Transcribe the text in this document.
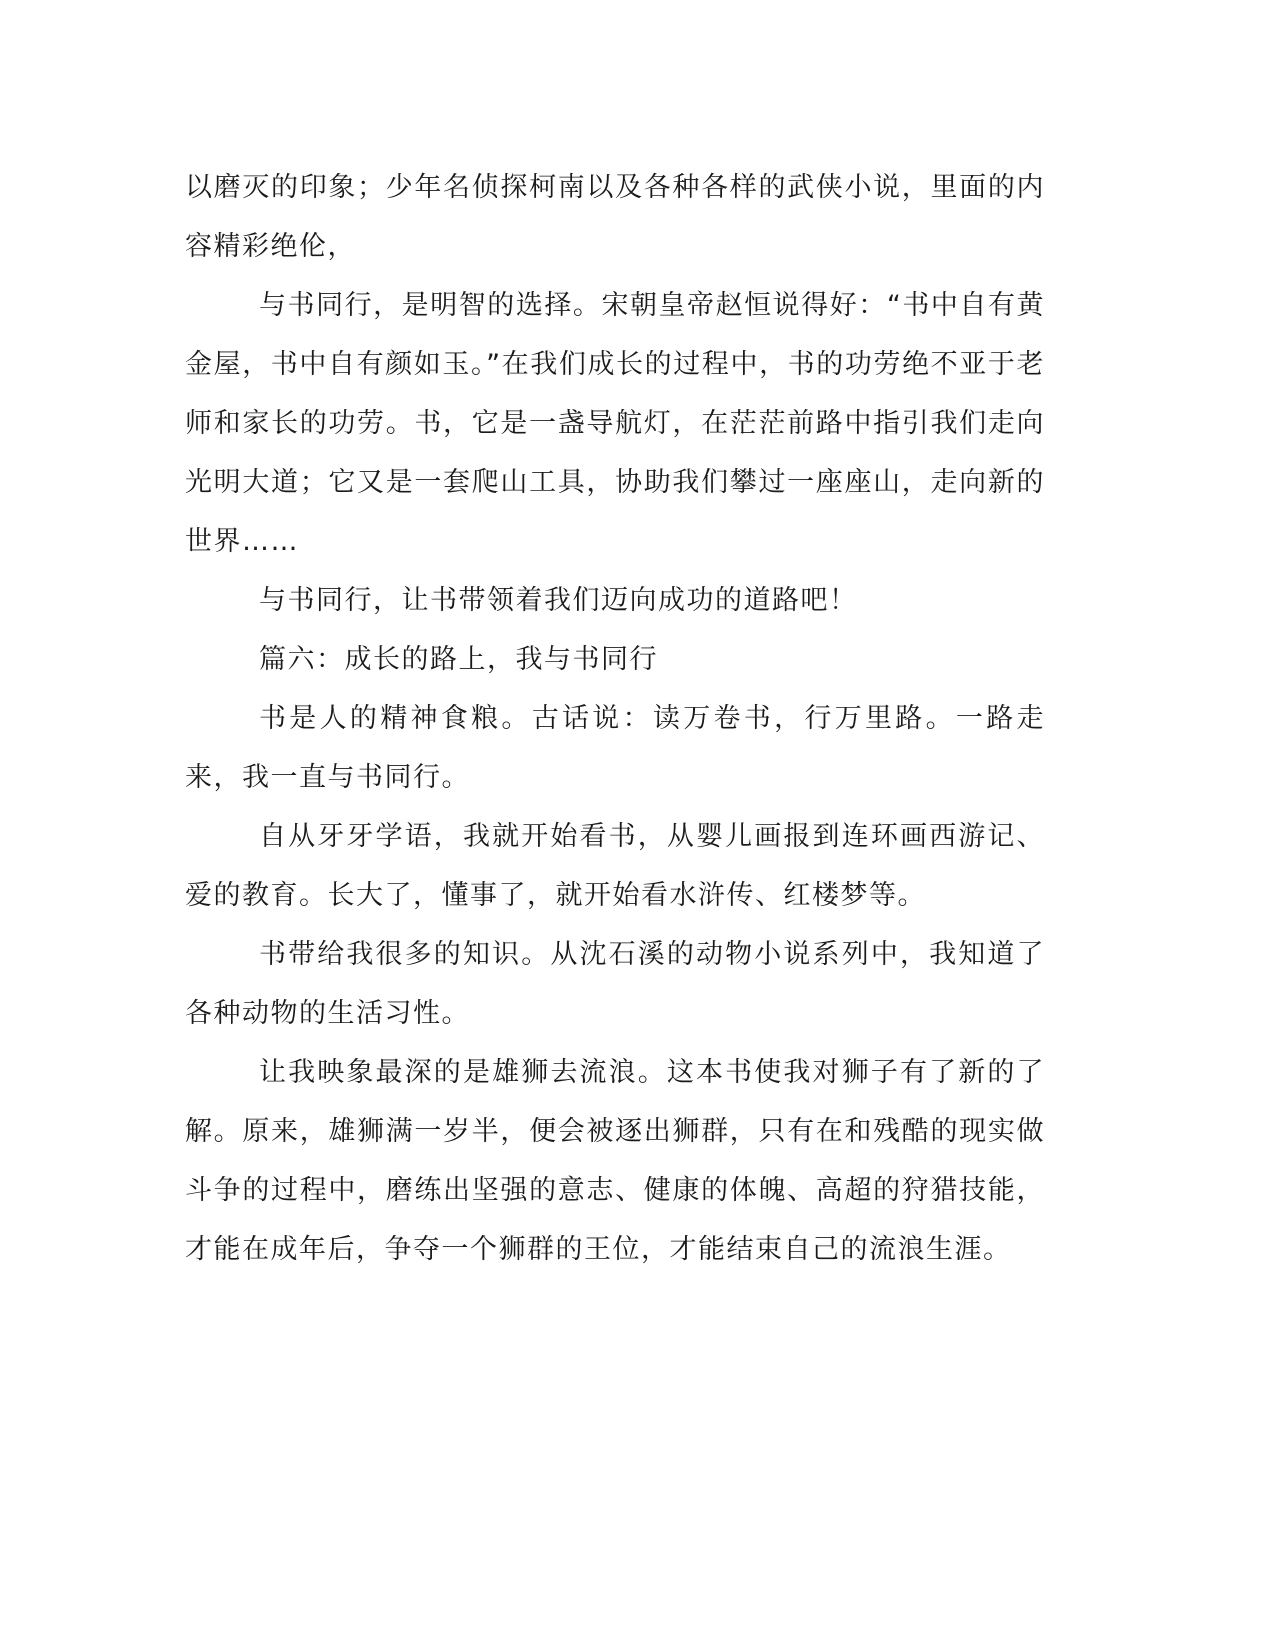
以磨灭的印象；少年名侦探柯南以及各种各样的武侠小说，里面的内容精彩绝伦，

与书同行，是明智的选择。宋朝皇帝赵恒说得好：“书中自有黄金屋，书中自有颜如玉。”在我们成长的过程中，书的功劳绝不亚于老师和家长的功劳。书，它是一盏导航灯，在茫茫前路中指引我们走向光明大道；它又是一套爬山工具，协助我们攀过一座座山，走向新的世界……

与书同行，让书带领着我们迈向成功的道路吧！

篇六：成长的路上，我与书同行

书是人的精神食粮。古话说：读万卷书，行万里路。一路走来，我一直与书同行。

自从牙牙学语，我就开始看书，从婴儿画报到连环画西游记、爱的教育。长大了，懂事了，就开始看水浒传、红楼梦等。

书带给我很多的知识。从沈石溪的动物小说系列中，我知道了各种动物的生活习性。

让我映象最深的是雄狮去流浪。这本书使我对狮子有了新的了解。原来，雄狮满一岁半，便会被逐出狮群，只有在和残酷的现实做斗争的过程中，磨练出坚强的意志、健康的体魄、高超的狩猎技能，才能在成年后，争夺一个狮群的王位，才能结束自己的流浪生涯。
